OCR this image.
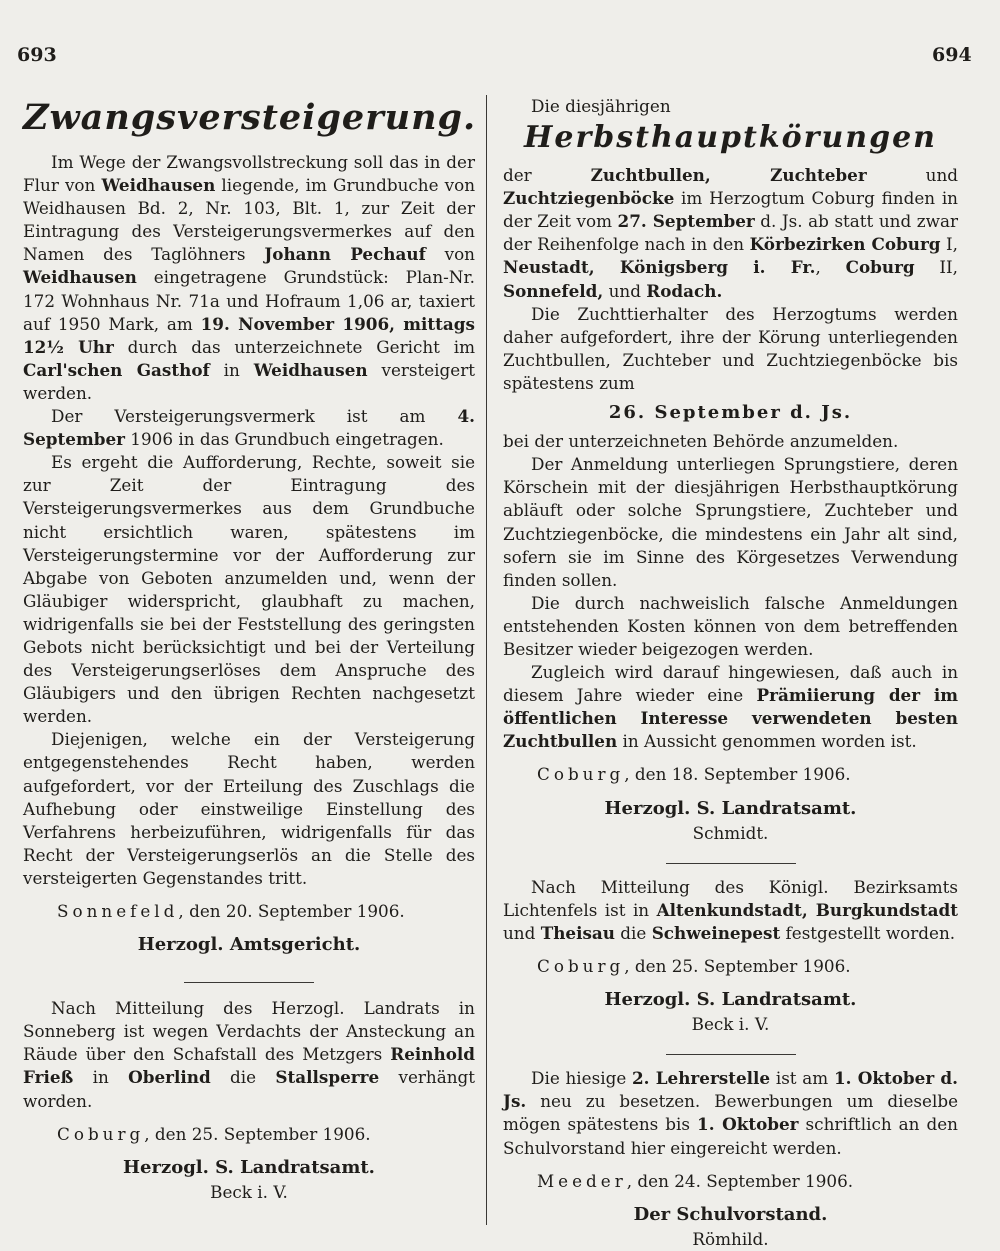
693	694
Zwangsversteigerung.

Im Wege der Zwangsvollstreckung soll das in der Flur von Weidhausen liegende, im Grundbuche von Weidhausen Bd. 2, Nr. 103, Blt. 1, zur Zeit der Eintragung des Versteigerungsvermerkes auf den Namen des Taglöhners Johann Pechauf von Weidhausen eingetragene Grundstück: Plan-Nr. 172 Wohnhaus Nr. 71a und Hofraum 1,06 ar, taxiert auf 1950 Mark, am 19. November 1906, mittags 12½ Uhr durch das unterzeichnete Gericht im Carl'schen Gasthof in Weidhausen versteigert werden.

Der Versteigerungsvermerk ist am 4. September 1906 in das Grundbuch eingetragen.

Es ergeht die Aufforderung, Rechte, soweit sie zur Zeit der Eintragung des Versteigerungsvermerkes aus dem Grundbuche nicht ersichtlich waren, spätestens im Versteigerungstermine vor der Aufforderung zur Abgabe von Geboten anzumelden und, wenn der Gläubiger widerspricht, glaubhaft zu machen, widrigenfalls sie bei der Feststellung des geringsten Gebots nicht berücksichtigt und bei der Verteilung des Versteigerungserlöses dem Anspruche des Gläubigers und den übrigen Rechten nachgesetzt werden.

Diejenigen, welche ein der Versteigerung entgegenstehendes Recht haben, werden aufgefordert, vor der Erteilung des Zuschlags die Aufhebung oder einstweilige Einstellung des Verfahrens herbeizuführen, widrigenfalls für das Recht der Versteigerungserlös an die Stelle des versteigerten Gegenstandes tritt.

Sonnefeld, den 20. September 1906.

Herzogl. Amtsgericht.

Nach Mitteilung des Herzogl. Landrats in Sonneberg ist wegen Verdachts der Ansteckung an Räude über den Schafstall des Metzgers Reinhold Frieß in Oberlind die Stallsperre verhängt worden.

Coburg, den 25. September 1906.

Herzogl. S. Landratsamt.
Beck i. V.
Die diesjährigen
Herbsthauptkörungen

der Zuchtbullen, Zuchteber und Zuchtziegenböcke im Herzogtum Coburg finden in der Zeit vom 27. September d. Js. ab statt und zwar der Reihenfolge nach in den Körbezirken Coburg I, Neustadt, Königsberg i. Fr., Coburg II, Sonnefeld, und Rodach.

Die Zuchttierhalter des Herzogtums werden daher aufgefordert, ihre der Körung unterliegenden Zuchtbullen, Zuchteber und Zuchtziegenböcke bis spätestens zum

26. September d. Js.

bei der unterzeichneten Behörde anzumelden.

Der Anmeldung unterliegen Sprungstiere, deren Körschein mit der diesjährigen Herbsthauptkörung abläuft oder solche Sprungstiere, Zuchteber und Zuchtziegenböcke, die mindestens ein Jahr alt sind, sofern sie im Sinne des Körgesetzes Verwendung finden sollen.

Die durch nachweislich falsche Anmeldungen entstehenden Kosten können von dem betreffenden Besitzer wieder beigezogen werden.

Zugleich wird darauf hingewiesen, daß auch in diesem Jahre wieder eine Prämiierung der im öffentlichen Interesse verwendeten besten Zuchtbullen in Aussicht genommen worden ist.

Coburg, den 18. September 1906.

Herzogl. S. Landratsamt.
Schmidt.

Nach Mitteilung des Königl. Bezirksamts Lichtenfels ist in Altenkundstadt, Burgkundstadt und Theisau die Schweinepest festgestellt worden.

Coburg, den 25. September 1906.

Herzogl. S. Landratsamt.
Beck i. V.

Die hiesige 2. Lehrerstelle ist am 1. Oktober d. Js. neu zu besetzen. Bewerbungen um dieselbe mögen spätestens bis 1. Oktober schriftlich an den Schulvorstand hier eingereicht werden.

Meeder, den 24. September 1906.

Der Schulvorstand.
Römhild.
